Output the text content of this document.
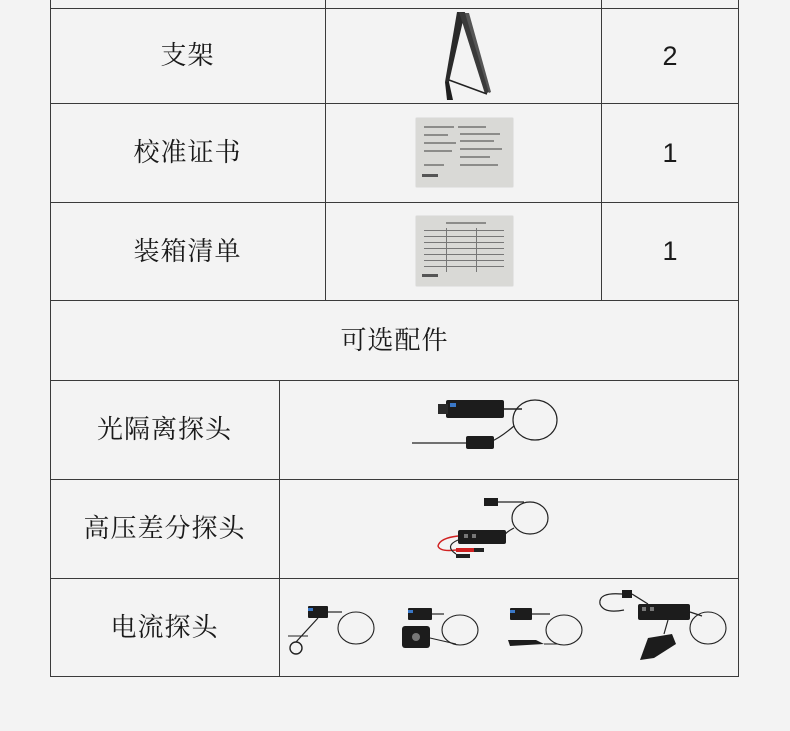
支架	2
校准证书	1
装箱清单	1
可选配件
光隔离探头
高压差分探头
电流探头
